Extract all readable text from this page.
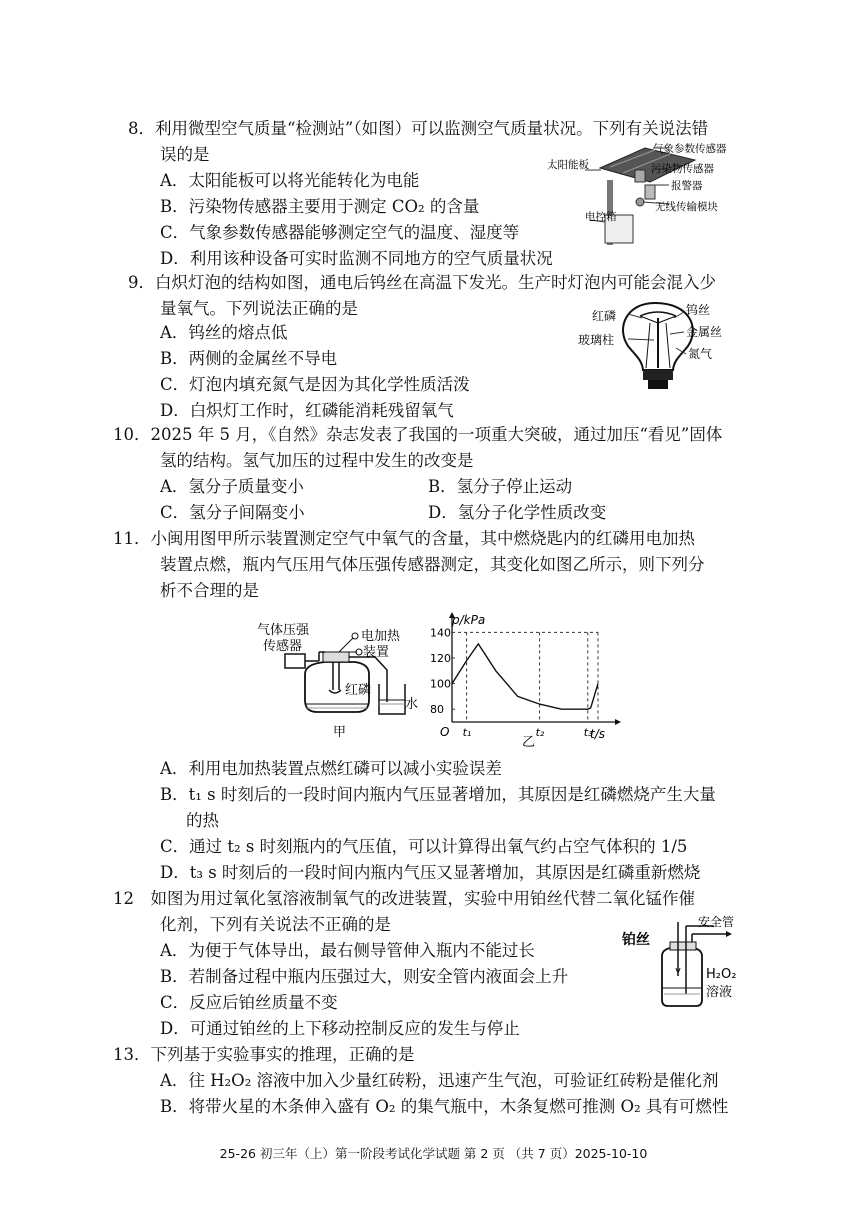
8．利用微型空气质量“检测站”（如图）可以监测空气质量状况。下列有关说法错
误的是
A．太阳能板可以将光能转化为电能
B．污染物传感器主要用于测定 CO₂ 的含量
C．气象参数传感器能够测定空气的温度、湿度等
D．利用该种设备可实时监测不同地方的空气质量状况
太阳能板
气象参数传感器
污染物传感器
报警器
无线传输模块
电控箱
9．白炽灯泡的结构如图，通电后钨丝在高温下发光。生产时灯泡内可能会混入少
量氧气。下列说法正确的是
A．钨丝的熔点低
B．两侧的金属丝不导电
C．灯泡内填充氮气是因为其化学性质活泼
D．白炽灯工作时，红磷能消耗残留氧气
红磷	钨丝
金属丝
玻璃柱
氮气
10．2025 年 5 月，《自然》杂志发表了我国的一项重大突破，通过加压“看见”固体
氢的结构。氢气加压的过程中发生的改变是
A．氢分子质量变小	B．氢分子停止运动
C．氢分子间隔变小	D．氢分子化学性质改变
11．小闽用图甲所示装置测定空气中氧气的含量，其中燃烧匙内的红磷用电加热
装置点燃，瓶内气压用气体压强传感器测定，其变化如图乙所示，则下列分
析不合理的是
气体压强
传感器
电加热
装置
红磷
水
甲
p/kPa
t/s
O
80
100
120
140
t₁	t₂	t₃
乙
A．利用电加热装置点燃红磷可以减小实验误差
B．t₁ s 时刻后的一段时间内瓶内气压显著增加，其原因是红磷燃烧产生大量
的热
C．通过 t₂ s 时刻瓶内的气压值，可以计算得出氧气约占空气体积的 1/5
D．t₃ s 时刻后的一段时间内瓶内气压又显著增加，其原因是红磷重新燃烧
12　如图为用过氧化氢溶液制氧气的改进装置，实验中用铂丝代替二氧化锰作催
化剂，下列有关说法不正确的是
A．为便于气体导出，最右侧导管伸入瓶内不能过长
B．若制备过程中瓶内压强过大，则安全管内液面会上升
C．反应后铂丝质量不变
D．可通过铂丝的上下移动控制反应的发生与停止
铂丝
安全管
H₂O₂
溶液
13．下列基于实验事实的推理，正确的是
A．往 H₂O₂ 溶液中加入少量红砖粉，迅速产生气泡，可验证红砖粉是催化剂
B．将带火星的木条伸入盛有 O₂ 的集气瓶中，木条复燃可推测 O₂ 具有可燃性
25-26 初三年（上）第一阶段考试化学试题 第 2 页 （共 7 页）2025-10-10
